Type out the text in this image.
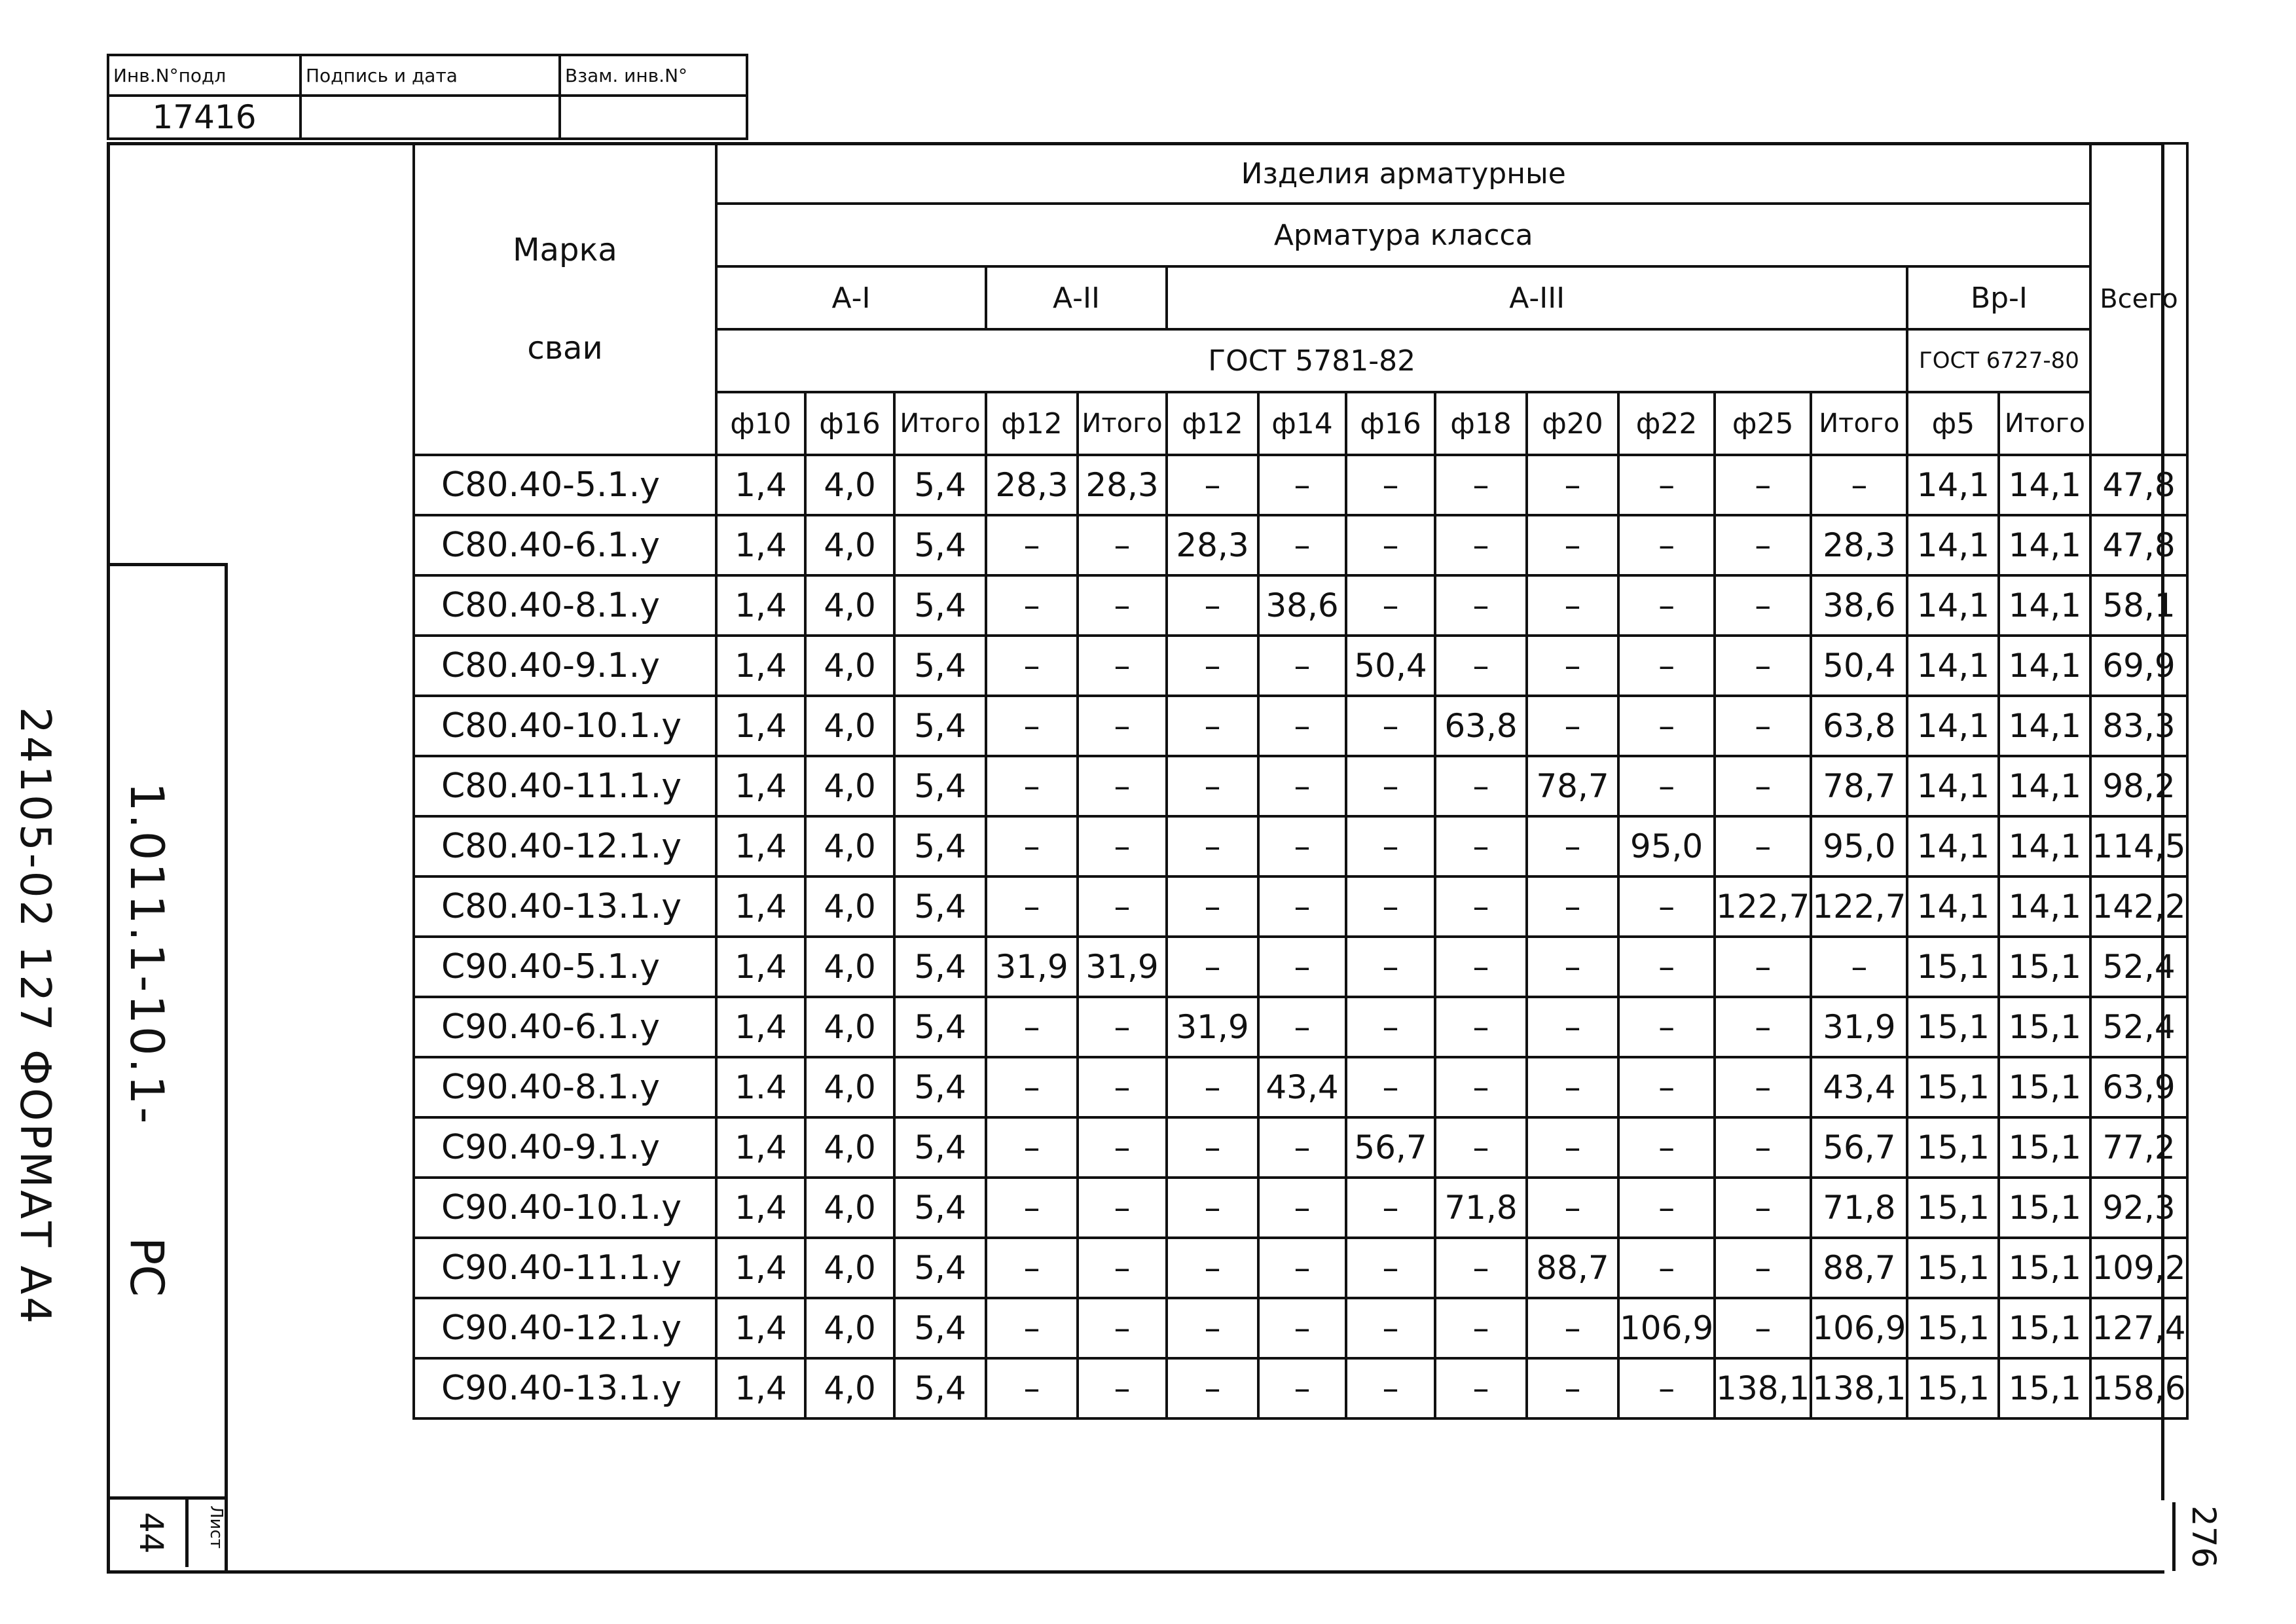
Инв.N°подл	Подпись и дата	Взам. инв.N°
17416		
24105-02 127 ФОРМАТ А4 1.011.1-10.1-
РС
Лист
44	276
Марка
сваи	Изделия арматурные															Всего
	Арматура класса															
	А-I			А-II		А-III								Вр-I		
	ГОСТ 5781-82													ГОСТ 6727-80		
	ф10	ф16	Итого	ф12	Итого	ф12	ф14	ф16	ф18	ф20	ф22	ф25	Итого	ф5	Итого	
С80.40-5.1.у	1,4	4,0	5,4	28,3	28,3	–	–	–	–	–	–	–	–	14,1	14,1	47,8
С80.40-6.1.у	1,4	4,0	5,4	–	–	28,3	–	–	–	–	–	–	28,3	14,1	14,1	47,8
С80.40-8.1.у	1,4	4,0	5,4	–	–	–	38,6	–	–	–	–	–	38,6	14,1	14,1	58,1
С80.40-9.1.у	1,4	4,0	5,4	–	–	–	–	50,4	–	–	–	–	50,4	14,1	14,1	69,9
С80.40-10.1.у	1,4	4,0	5,4	–	–	–	–	–	63,8	–	–	–	63,8	14,1	14,1	83,3
С80.40-11.1.у	1,4	4,0	5,4	–	–	–	–	–	–	78,7	–	–	78,7	14,1	14,1	98,2
С80.40-12.1.у	1,4	4,0	5,4	–	–	–	–	–	–	–	95,0	–	95,0	14,1	14,1	114,5
С80.40-13.1.у	1,4	4,0	5,4	–	–	–	–	–	–	–	–	122,7	122,7	14,1	14,1	142,2
С90.40-5.1.у	1,4	4,0	5,4	31,9	31,9	–	–	–	–	–	–	–	–	15,1	15,1	52,4
С90.40-6.1.у	1,4	4,0	5,4	–	–	31,9	–	–	–	–	–	–	31,9	15,1	15,1	52,4
С90.40-8.1.у	1.4	4,0	5,4	–	–	–	43,4	–	–	–	–	–	43,4	15,1	15,1	63,9
С90.40-9.1.у	1,4	4,0	5,4	–	–	–	–	56,7	–	–	–	–	56,7	15,1	15,1	77,2
С90.40-10.1.у	1,4	4,0	5,4	–	–	–	–	–	71,8	–	–	–	71,8	15,1	15,1	92,3
С90.40-11.1.у	1,4	4,0	5,4	–	–	–	–	–	–	88,7	–	–	88,7	15,1	15,1	109,2
С90.40-12.1.у	1,4	4,0	5,4	–	–	–	–	–	–	–	106,9	–	106,9	15,1	15,1	127,4
С90.40-13.1.у	1,4	4,0	5,4	–	–	–	–	–	–	–	–	138,1	138,1	15,1	15,1	158,6
